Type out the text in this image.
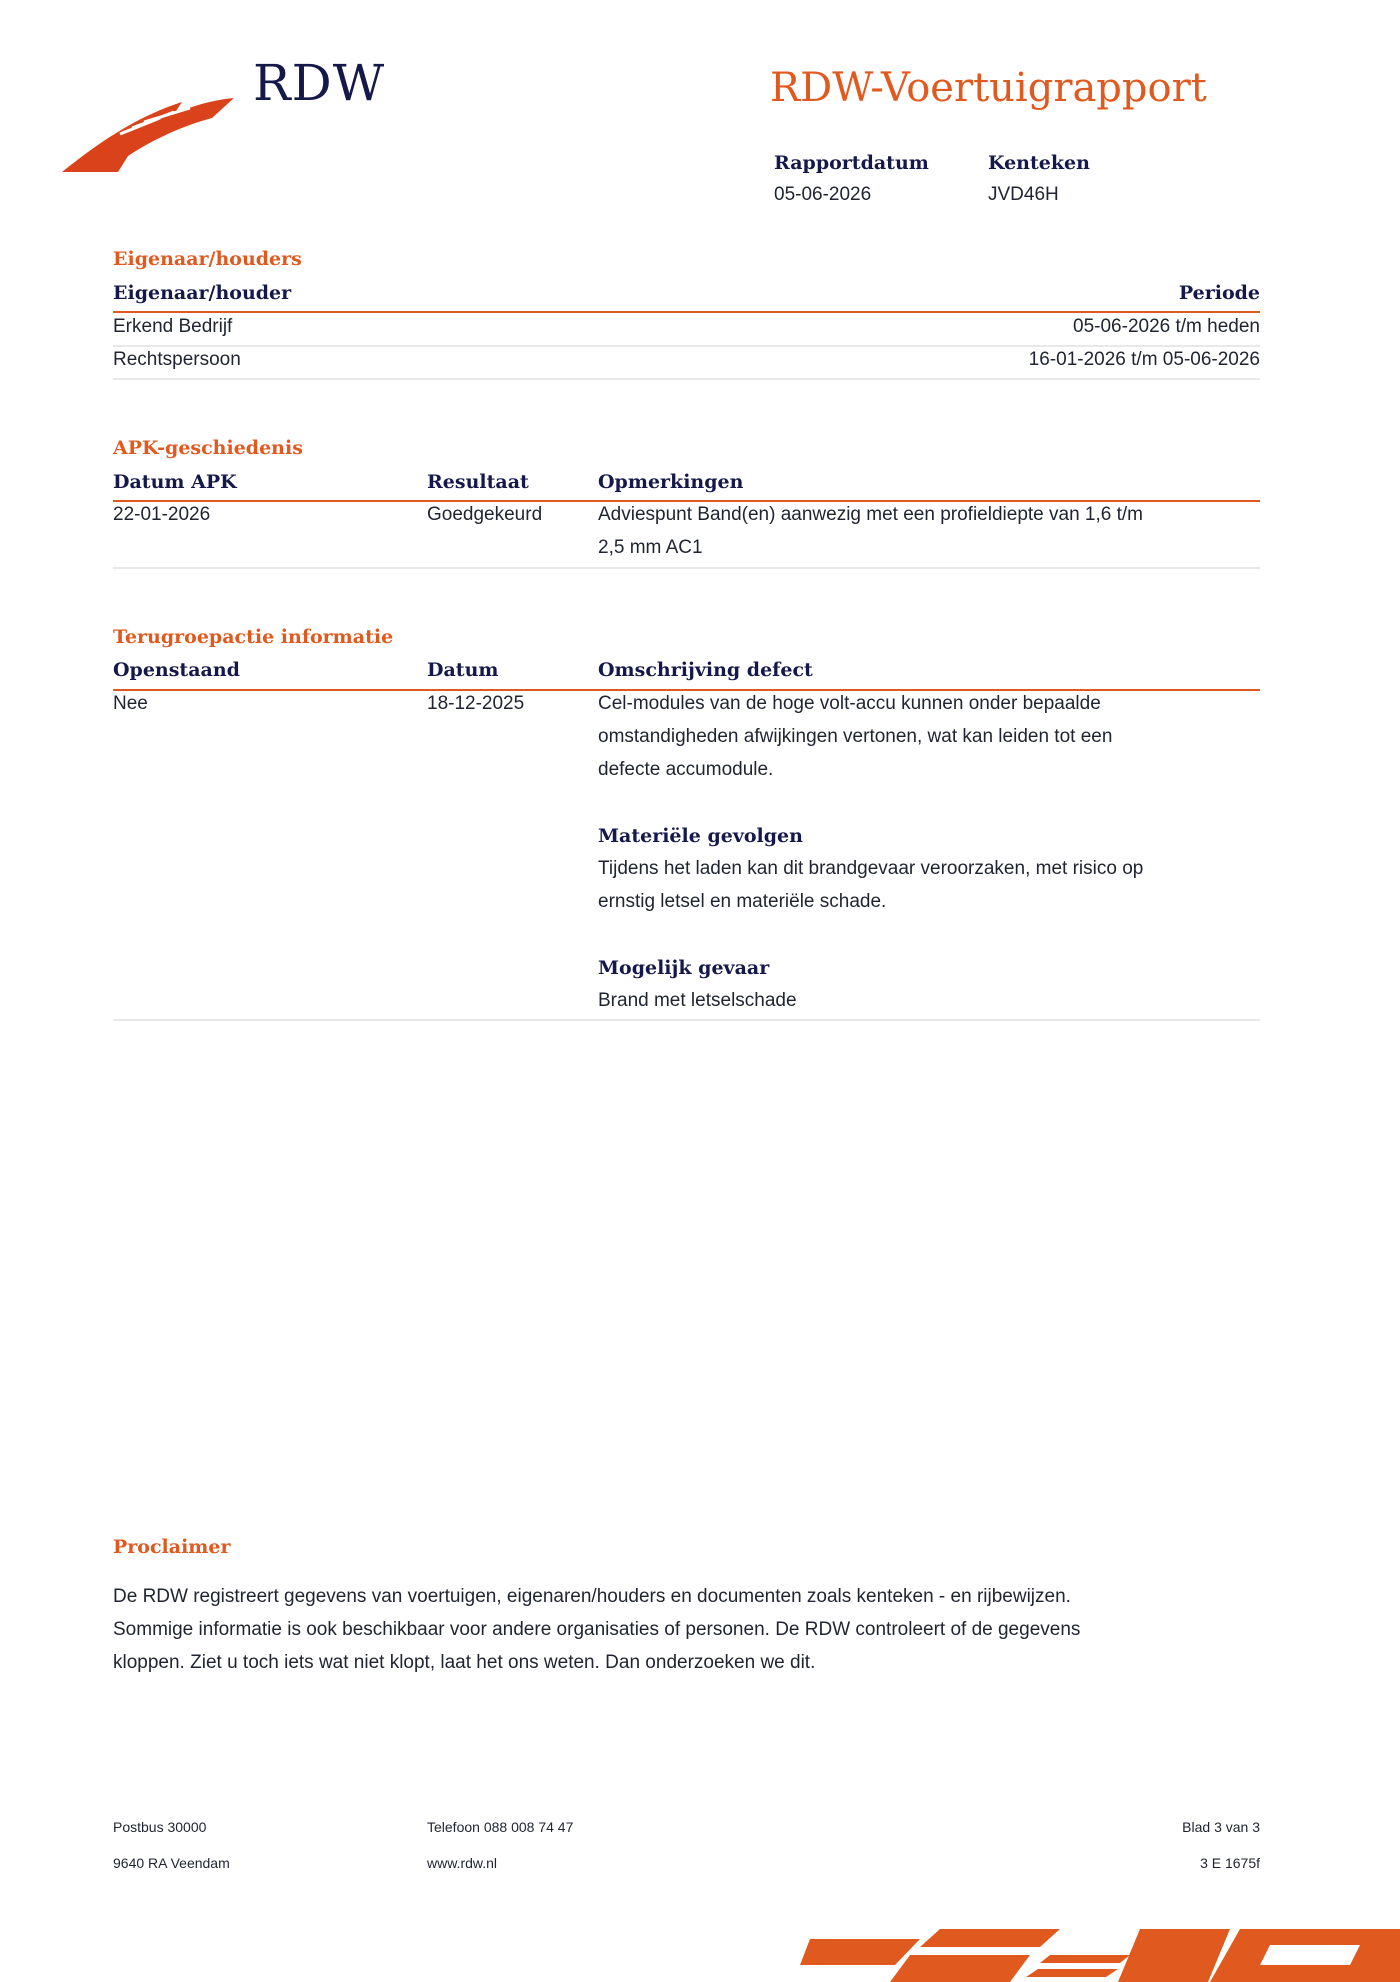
RDW	RDW-Voertuigrapport
Rapportdatum
05-06-2026
Kenteken
JVD46H
Eigenaar/houders
Eigenaar/houder	Periode
Erkend Bedrijf	05-06-2026 t/m heden
Rechtspersoon	16-01-2026 t/m 05-06-2026
APK-geschiedenis
Datum APK	Resultaat	Opmerkingen
22-01-2026	Goedgekeurd	Adviespunt Band(en) aanwezig met een profieldiepte van 1,6 t/m
2,5 mm AC1
Terugroepactie informatie
Openstaand	Datum	Omschrijving defect
Nee	18-12-2025	Cel-modules van de hoge volt-accu kunnen onder bepaalde
omstandigheden afwijkingen vertonen, wat kan leiden tot een
defecte accumodule.
Materiële gevolgen
Tijdens het laden kan dit brandgevaar veroorzaken, met risico op
ernstig letsel en materiële schade.
Mogelijk gevaar
Brand met letselschade
Proclaimer
De RDW registreert gegevens van voertuigen, eigenaren/houders en documenten zoals kenteken - en rijbewijzen.
Sommige informatie is ook beschikbaar voor andere organisaties of personen. De RDW controleert of de gegevens
kloppen. Ziet u toch iets wat niet klopt, laat het ons weten. Dan onderzoeken we dit.
Postbus 30000
9640 RA Veendam
Telefoon 088 008 74 47
www.rdw.nl
Blad 3 van 3
3 E 1675f
